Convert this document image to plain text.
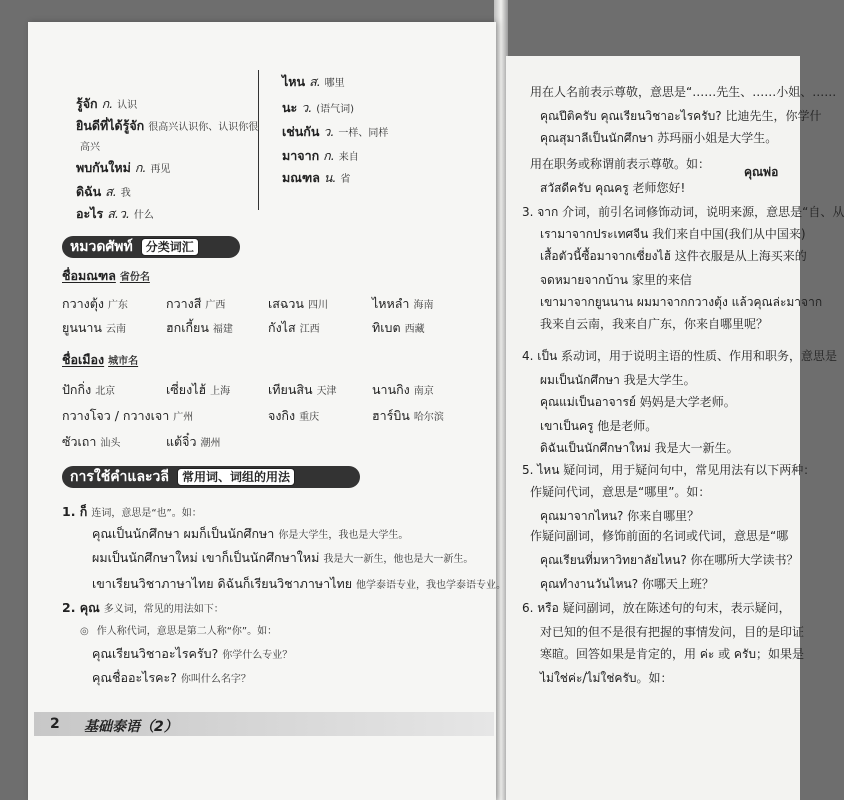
รู้จัก ก. 认识
ยินดีที่ได้รู้จัก 很高兴认识你、认识你很
高兴
พบกันใหม่ ก. 再见
ดิฉัน ส. 我
อะไร ส.ว. 什么
ไหน ส. 哪里
นะ ว. (语气词)
เช่นกัน ว. 一样、同样
มาจาก ก. 来自
มณฑล น. 省
หมวดศัพท์ 分类词汇
ชื่อมณฑล 省份名
กวางตุ้ง 广东	กวางสี 广西	เสฉวน 四川	ไหหลำ 海南
ยูนนาน 云南	ฮกเกี้ยน 福建	กังไส 江西	ทิเบต 西藏
ชื่อเมือง 城市名
ปักกิ่ง 北京	เซี่ยงไฮ้ 上海	เทียนสิน 天津	นานกิง 南京
กวางโจว / กวางเจา 广州	จงกิง 重庆	ฮาร์บิน 哈尔滨
ซัวเถา 汕头	แต้จิ๋ว 潮州
การใช้คำและวลี 常用词、词组的用法
1. ก็ 连词，意思是“也”。如：
คุณเป็นนักศึกษา ผมก็เป็นนักศึกษา 你是大学生，我也是大学生。
ผมเป็นนักศึกษาใหม่ เขาก็เป็นนักศึกษาใหม่ 我是大一新生，他也是大一新生。
เขาเรียนวิชาภาษาไทย ดิฉันก็เรียนวิชาภาษาไทย 他学泰语专业，我也学泰语专业。
2. คุณ 多义词，常见的用法如下：
◎ 作人称代词，意思是第二人称“你”。如：
คุณเรียนวิชาอะไรครับ? 你学什么专业？
คุณชื่ออะไรคะ? 你叫什么名字？
2 基础泰语（2）
用在人名前表示尊敬，意思是“……先生、……小姐、……
คุณปีติครับ คุณเรียนวิชาอะไรครับ? 比迪先生，你学什
คุณสุมาลีเป็นนักศึกษา 苏玛丽小姐是大学生。
用在职务或称谓前表示尊敬。如：
สวัสดีครับ คุณครู 老师您好!
3. จาก 介词，前引名词修饰动词，说明来源，意思是“自、从
เรามาจากประเทศจีน 我们来自中国(我们从中国来)
เสื้อตัวนี้ซื้อมาจากเซี่ยงไฮ้ 这件衣服是从上海买来的
จดหมายจากบ้าน 家里的来信
เขามาจากยูนนาน ผมมาจากกวางตุ้ง แล้วคุณล่ะมาจาก
我来自云南，我来自广东，你来自哪里呢？
4. เป็น 系动词，用于说明主语的性质、作用和职务，意思是
ผมเป็นนักศึกษา 我是大学生。
คุณแม่เป็นอาจารย์ 妈妈是大学老师。
เขาเป็นครู 他是老师。
ดิฉันเป็นนักศึกษาใหม่ 我是大一新生。
5. ไหน 疑问词，用于疑问句中，常见用法有以下两种：
作疑问代词，意思是“哪里”。如：
คุณมาจากไหน? 你来自哪里？
作疑问副词，修饰前面的名词或代词，意思是“哪
คุณเรียนที่มหาวิทยาลัยไหน? 你在哪所大学读书？
คุณทำงานวันไหน? 你哪天上班？
6. หรือ 疑问副词，放在陈述句的句末，表示疑问，
对已知的但不是很有把握的事情发问，目的是印证
寒暄。回答如果是肯定的，用 ค่ะ 或 ครับ；如果是
ไม่ใช่ค่ะ/ไม่ใช่ครับ。如：
คุณพ่อ
